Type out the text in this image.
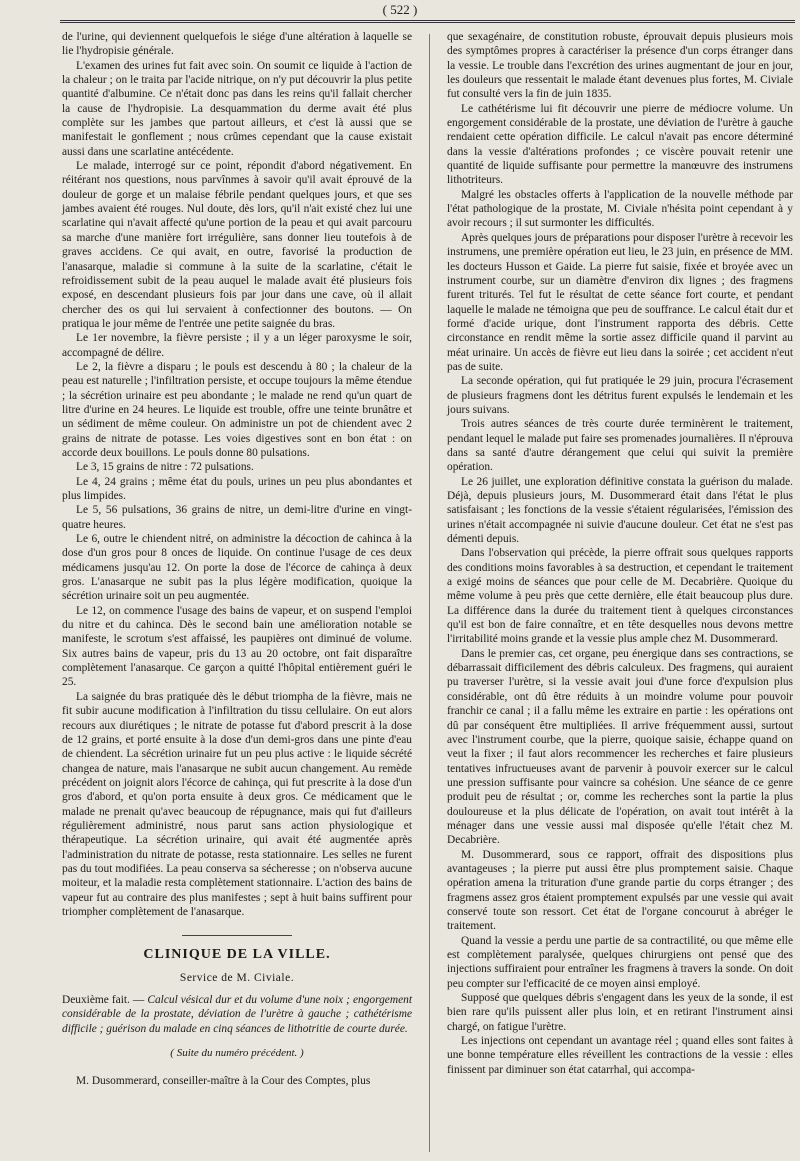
( 522 )

de l'urine, qui deviennent quelquefois le siége d'une altération à laquelle se lie l'hydropisie générale.

L'examen des urines fut fait avec soin. On soumit ce liquide à l'action de la chaleur ; on le traita par l'acide nitrique, on n'y put découvrir la plus petite quantité d'albumine. Ce n'était donc pas dans les reins qu'il fallait chercher la cause de l'hydropisie. La desquammation du derme avait été plus complète sur les jambes que partout ailleurs, et c'est là aussi que se manifestait le gonflement ; nous crûmes cependant que la cause existait aussi dans une scarlatine antécédente.

Le malade, interrogé sur ce point, répondit d'abord négativement. En réitérant nos questions, nous parvînmes à savoir qu'il avait éprouvé de la douleur de gorge et un malaise fébrile pendant quelques jours, et que ses jambes avaient été rouges. Nul doute, dès lors, qu'il n'ait existé chez lui une scarlatine qui n'avait affecté qu'une portion de la peau et qui avait parcouru sa marche d'une manière fort irrégulière, sans donner lieu toutefois à de graves accidens. Ce qui avait, en outre, favorisé la production de l'anasarque, maladie si commune à la suite de la scarlatine, c'était le refroidissement subit de la peau auquel le malade avait été plusieurs fois exposé, en descendant plusieurs fois par jour dans une cave, où il allait chercher des os qui lui servaient à confectionner des boutons. — On pratiqua le jour même de l'entrée une petite saignée du bras.

Le 1er novembre, la fièvre persiste ; il y a un léger paroxysme le soir, accompagné de délire.

Le 2, la fièvre a disparu ; le pouls est descendu à 80 ; la chaleur de la peau est naturelle ; l'infiltration persiste, et occupe toujours la même étendue ; la sécrétion urinaire est peu abondante ; le malade ne rend qu'un quart de litre d'urine en 24 heures. Le liquide est trouble, offre une teinte brunâtre et un sédiment de même couleur. On administre un pot de chiendent avec 2 grains de nitrate de potasse. Les voies digestives sont en bon état : on accorde deux bouillons. Le pouls donne 80 pulsations.

Le 3, 15 grains de nitre : 72 pulsations.

Le 4, 24 grains ; même état du pouls, urines un peu plus abondantes et plus limpides.

Le 5, 56 pulsations, 36 grains de nitre, un demi-litre d'urine en vingt-quatre heures.

Le 6, outre le chiendent nitré, on administre la décoction de cahinca à la dose d'un gros pour 8 onces de liquide. On continue l'usage de ces deux médicamens jusqu'au 12. On porte la dose de l'écorce de cahinça à deux gros. L'anasarque ne subit pas la plus légère modification, quoique la sécrétion urinaire soit un peu augmentée.

Le 12, on commence l'usage des bains de vapeur, et on suspend l'emploi du nitre et du cahinca. Dès le second bain une amélioration notable se manifeste, le scrotum s'est affaissé, les paupières ont diminué de volume. Six autres bains de vapeur, pris du 13 au 20 octobre, ont fait disparaître complètement l'anasarque. Ce garçon a quitté l'hôpital entièrement guéri le 25.

La saignée du bras pratiquée dès le début triompha de la fièvre, mais ne fit subir aucune modification à l'infiltration du tissu cellulaire. On eut alors recours aux diurétiques ; le nitrate de potasse fut d'abord prescrit à la dose de 12 grains, et porté ensuite à la dose d'un demi-gros dans une pinte d'eau de chiendent. La sécrétion urinaire fut un peu plus active : le liquide sécrété changea de nature, mais l'anasarque ne subit aucun changement. Au remède précédent on joignit alors l'écorce de cahinça, qui fut prescrite à la dose d'un gros d'abord, et qu'on porta ensuite à deux gros. Ce médicament que le malade ne prenait qu'avec beaucoup de répugnance, mais qui fut d'ailleurs régulièrement administré, nous parut sans action physiologique et thérapeutique. La sécrétion urinaire, qui avait été augmentée après l'administration du nitrate de potasse, resta stationnaire. Les selles ne furent pas du tout modifiées. La peau conserva sa sécheresse ; on n'observa aucune moiteur, et la maladie resta complètement stationnaire. L'action des bains de vapeur fut au contraire des plus manifestes ; sept à huit bains suffirent pour triompher complètement de l'anasarque.

CLINIQUE DE LA VILLE.
Service de M. Civiale.

Deuxième fait. — Calcul vésical dur et du volume d'une noix ; engorgement considérable de la prostate, déviation de l'urètre à gauche ; cathétérisme difficile ; guérison du malade en cinq séances de lithotritie de courte durée.

( Suite du numéro précédent. )

M. Dusommerard, conseiller-maître à la Cour des Comptes, plus

que sexagénaire, de constitution robuste, éprouvait depuis plusieurs mois des symptômes propres à caractériser la présence d'un corps étranger dans la vessie. Le trouble dans l'excrétion des urines augmentant de jour en jour, les douleurs que ressentait le malade étant devenues plus fortes, M. Civiale fut consulté vers la fin de juin 1835.

Le cathétérisme lui fit découvrir une pierre de médiocre volume. Un engorgement considérable de la prostate, une déviation de l'urètre à gauche rendaient cette opération difficile. Le calcul n'avait pas encore déterminé dans la vessie d'altérations profondes ; ce viscère pouvait retenir une quantité de liquide suffisante pour permettre la manœuvre des instrumens lithotriteurs.

Malgré les obstacles offerts à l'application de la nouvelle méthode par l'état pathologique de la prostate, M. Civiale n'hésita point cependant à y avoir recours ; il sut surmonter les difficultés.

Après quelques jours de préparations pour disposer l'urètre à recevoir les instrumens, une première opération eut lieu, le 23 juin, en présence de MM. les docteurs Husson et Gaide. La pierre fut saisie, fixée et broyée avec un instrument courbe, sur un diamètre d'environ dix lignes ; des fragmens furent triturés. Tel fut le résultat de cette séance fort courte, et pendant laquelle le malade ne témoigna que peu de souffrance. Le calcul était dur et formé d'acide urique, dont l'instrument rapporta des débris. Cette circonstance en rendit même la sortie assez difficile quand il parvint au méat urinaire. Un accès de fièvre eut lieu dans la soirée ; cet accident n'eut pas de suite.

La seconde opération, qui fut pratiquée le 29 juin, procura l'écrasement de plusieurs fragmens dont les détritus furent expulsés le lendemain et les jours suivans.

Trois autres séances de très courte durée terminèrent le traitement, pendant lequel le malade put faire ses promenades journalières. Il n'éprouva dans sa santé d'autre dérangement que celui qui suivit la première opération.

Le 26 juillet, une exploration définitive constata la guérison du malade. Déjà, depuis plusieurs jours, M. Dusommerard était dans l'état le plus satisfaisant ; les fonctions de la vessie s'étaient régularisées, l'émission des urines n'était accompagnée ni suivie d'aucune douleur. Cet état ne s'est pas démenti depuis.

Dans l'observation qui précède, la pierre offrait sous quelques rapports des conditions moins favorables à sa destruction, et cependant le traitement a exigé moins de séances que pour celle de M. Decabrière. Quoique du même volume à peu près que cette dernière, elle était beaucoup plus dure. La différence dans la durée du traitement tient à quelques circonstances qu'il est bon de faire connaître, et en tête desquelles nous devons mettre l'irritabilité moins grande et la vessie plus ample chez M. Dusommerard.

Dans le premier cas, cet organe, peu énergique dans ses contractions, se débarrassait difficilement des débris calculeux. Des fragmens, qui auraient pu traverser l'urètre, si la vessie avait joui d'une force d'expulsion plus considérable, ont dû être réduits à un moindre volume pour pouvoir franchir ce canal ; il a fallu même les extraire en partie : les opérations ont dû par conséquent être multipliées. Il arrive fréquemment aussi, surtout avec l'instrument courbe, que la pierre, quoique saisie, échappe quand on veut la fixer ; il faut alors recommencer les recherches et faire plusieurs tentatives infructueuses avant de parvenir à pouvoir exercer sur le calcul une pression suffisante pour vaincre sa cohésion. Une séance de ce genre produit peu de résultat ; or, comme les recherches sont la partie la plus douloureuse et la plus délicate de l'opération, on avait tout intérêt à la ménager dans une vessie aussi mal disposée qu'elle l'était chez M. Decabrière.

M. Dusommerard, sous ce rapport, offrait des dispositions plus avantageuses ; la pierre put aussi être plus promptement saisie. Chaque opération amena la trituration d'une grande partie du corps étranger ; des fragmens assez gros étaient promptement expulsés par une vessie qui avait conservé toute son ressort. Cet état de l'organe concourut à abréger le traitement.

Quand la vessie a perdu une partie de sa contractilité, ou que même elle est complètement paralysée, quelques chirurgiens ont pensé que des injections suffiraient pour entraîner les fragmens à travers la sonde. On doit peu compter sur l'efficacité de ce moyen ainsi employé.

Supposé que quelques débris s'engagent dans les yeux de la sonde, il est bien rare qu'ils puissent aller plus loin, et en retirant l'instrument ainsi chargé, on fatigue l'urètre.

Les injections ont cependant un avantage réel ; quand elles sont faites à une bonne température elles réveillent les contractions de la vessie : elles finissent par diminuer son état catarrhal, qui accompa-
